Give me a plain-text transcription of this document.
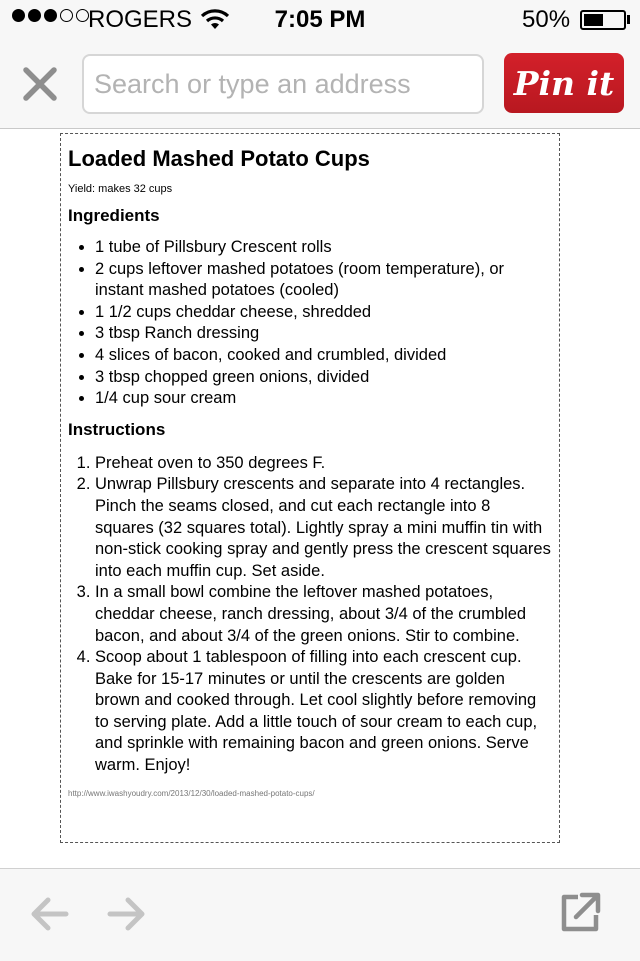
ROGERS	7:05 PM	50%
Search or type an address
Pin it
Loaded Mashed Potato Cups
Yield: makes 32 cups
Ingredients
• 1 tube of Pillsbury Crescent rolls
• 2 cups leftover mashed potatoes (room temperature), or instant mashed potatoes (cooled)
• 1 1/2 cups cheddar cheese, shredded
• 3 tbsp Ranch dressing
• 4 slices of bacon, cooked and crumbled, divided
• 3 tbsp chopped green onions, divided
• 1/4 cup sour cream
Instructions
1. Preheat oven to 350 degrees F.
2. Unwrap Pillsbury crescents and separate into 4 rectangles. Pinch the seams closed, and cut each rectangle into 8 squares (32 squares total). Lightly spray a mini muffin tin with non-stick cooking spray and gently press the crescent squares into each muffin cup. Set aside.
3. In a small bowl combine the leftover mashed potatoes, cheddar cheese, ranch dressing, about 3/4 of the crumbled bacon, and about 3/4 of the green onions. Stir to combine.
4. Scoop about 1 tablespoon of filling into each crescent cup. Bake for 15-17 minutes or until the crescents are golden brown and cooked through. Let cool slightly before removing to serving plate. Add a little touch of sour cream to each cup, and sprinkle with remaining bacon and green onions. Serve warm. Enjoy!
http://www.iwashyoudry.com/2013/12/30/loaded-mashed-potato-cups/
